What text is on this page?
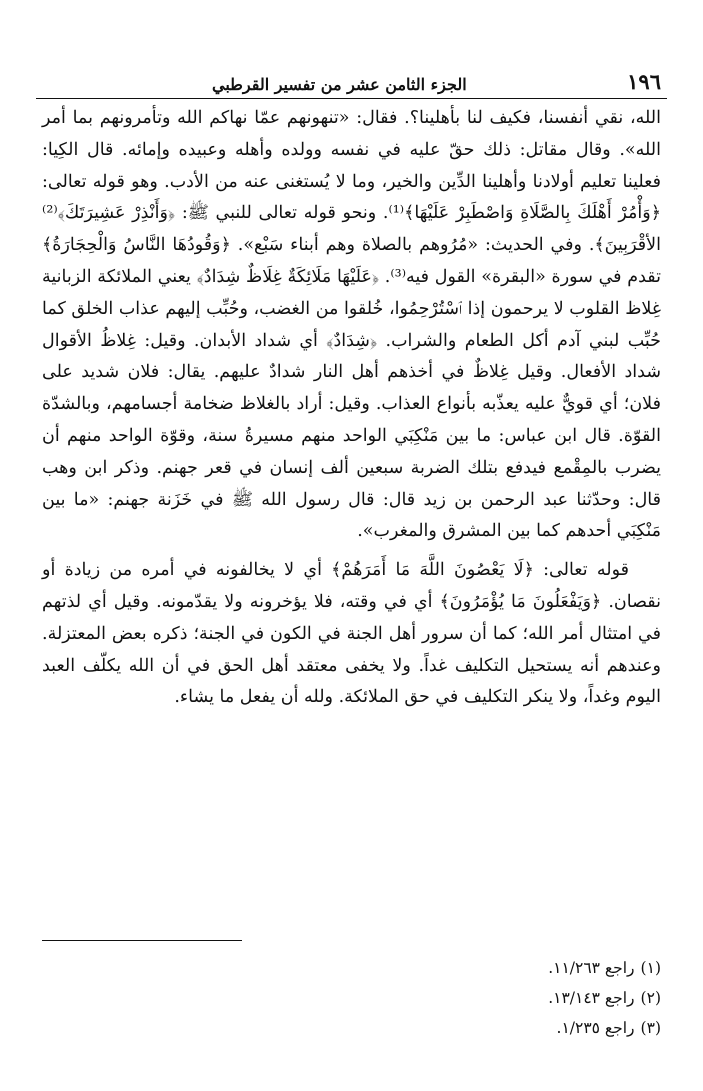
١٩٦
الجزء الثامن عشر من تفسير القرطبي

الله، نقي أنفسنا، فكيف لنا بأهلينا؟. فقال: «تنهونهم عمّا نهاكم الله وتأمرونهم بما أمر الله». وقال مقاتل: ذلك حقّ عليه في نفسه وولده وأهله وعبيده وإمائه. قال الكِيا: فعلينا تعليم أولادنا وأهلينا الدِّين والخير، وما لا يُستغنى عنه من الأدب. وهو قوله تعالى: ﴿وَأْمُرْ أَهْلَكَ بِالصَّلَاةِ وَاصْطَبِرْ عَلَيْهَا﴾⁽¹⁾. ونحو قوله تعالى للنبي ﷺ: ﴿وَأَنْذِرْ عَشِيرَتَكَ﴾⁽²⁾ الأقْرَبِينَ﴾. وفي الحديث: «مُرُوهم بالصلاة وهم أبناء سَبْع». ﴿وَقُودُهَا النَّاسُ وَالْحِجَارَةُ﴾ تقدم في سورة «البقرة» القول فيه⁽³⁾. ﴿عَلَيْهَا مَلَائِكَةٌ غِلَاظٌ شِدَادٌ﴾ يعني الملائكة الزبانية غِلاظ القلوب لا يرحمون إذا ٱسْتُرْحِمُوا، خُلقوا من الغضب، وحُبِّب إليهم عذاب الخلق كما حُبِّب لبني آدم أكل الطعام والشراب. ﴿شِدَادٌ﴾ أي شداد الأبدان. وقيل: غِلاظُ الأقوال شداد الأفعال. وقيل غِلاظٌ في أخذهم أهل النار شدادٌ عليهم. يقال: فلان شديد على فلان؛ أي قويٌّ عليه يعذّبه بأنواع العذاب. وقيل: أراد بالغلاظ ضخامة أجسامهم، وبالشدّة القوّة. قال ابن عباس: ما بين مَنْكِبَي الواحد منهم مسيرةُ سنة، وقوّة الواحد منهم أن يضرب بالمِقْمع فيدفع بتلك الضربة سبعين ألف إنسان في قعر جهنم. وذكر ابن وهب قال: وحدّثنا عبد الرحمن بن زيد قال: قال رسول الله ﷺ في خَزَنة جهنم: «ما بين مَنْكِبَي أحدهم كما بين المشرق والمغرب».

قوله تعالى: ﴿لَا يَعْصُونَ اللَّهَ مَا أَمَرَهُمْ﴾ أي لا يخالفونه في أمره من زيادة أو نقصان. ﴿وَيَفْعَلُونَ مَا يُؤْمَرُونَ﴾ أي في وقته، فلا يؤخرونه ولا يقدّمونه. وقيل أي لذتهم في امتثال أمر الله؛ كما أن سرور أهل الجنة في الكون في الجنة؛ ذكره بعض المعتزلة. وعندهم أنه يستحيل التكليف غداً. ولا يخفى معتقد أهل الحق في أن الله يكلّف العبد اليوم وغداً، ولا ينكر التكليف في حق الملائكة. ولله أن يفعل ما يشاء.

(١)راجع ١١/٢٦٣.
(٢)راجع ١٣/١٤٣.
(٣)راجع ١/٢٣٥.
